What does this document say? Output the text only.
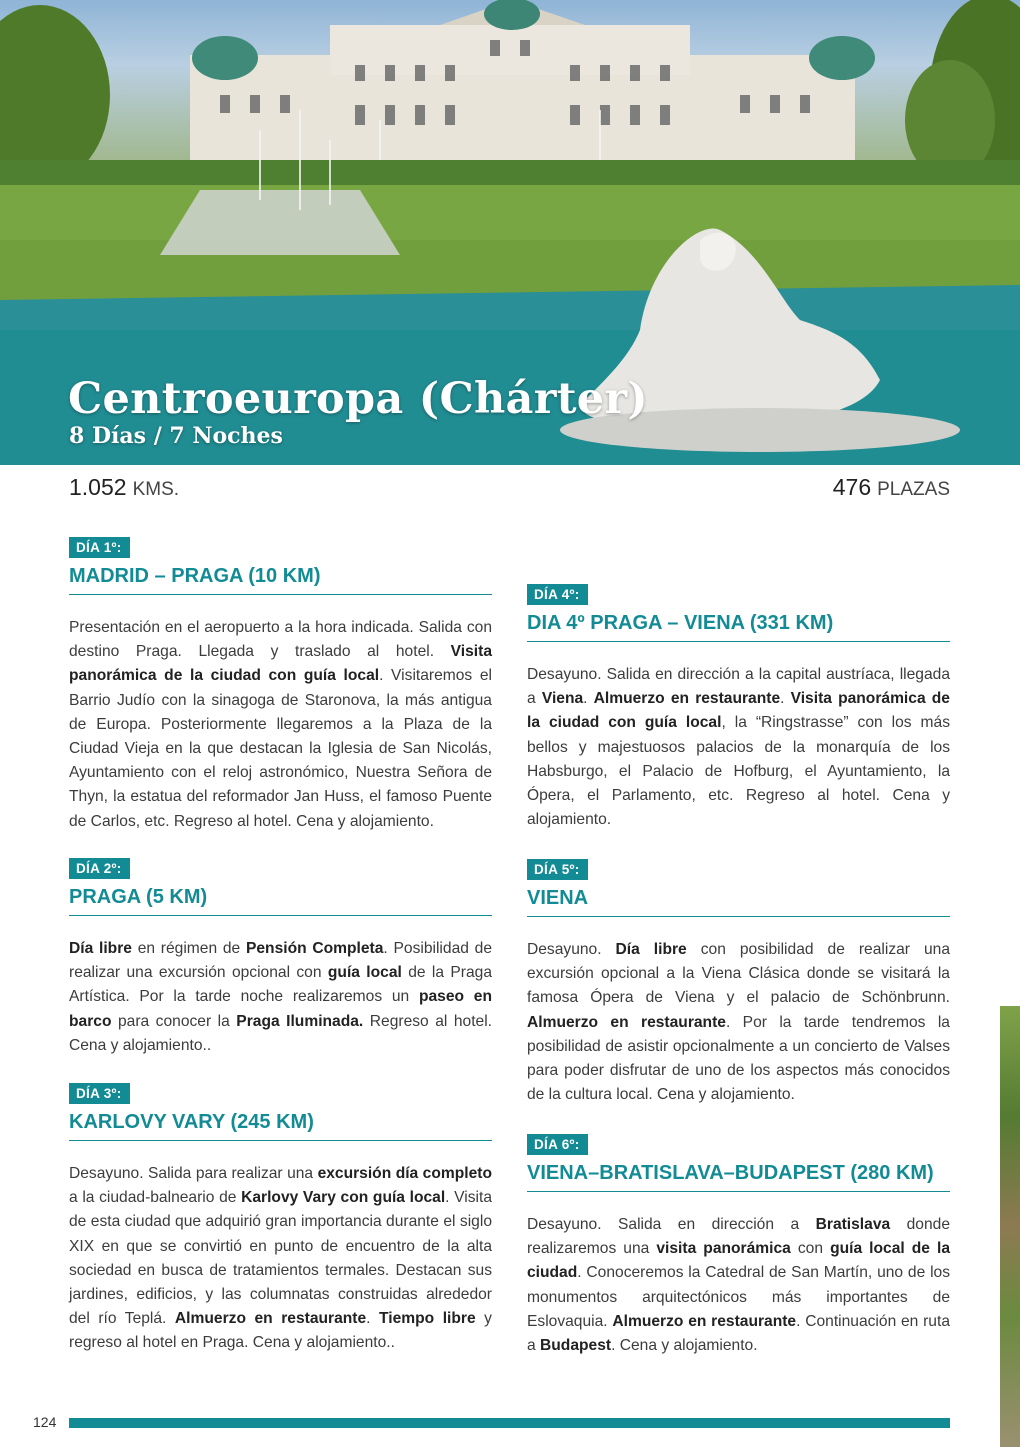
Centroeuropa (Chárter)
8 Días / 7 Noches
1.052 KMS.	476 PLAZAS
DÍA 1º:
MADRID – PRAGA (10 KM)
Presentación en el aeropuerto a la hora indicada. Salida con destino Praga. Llegada y traslado al hotel. Visita panorámica de la ciudad con guía local. Visitaremos el Barrio Judío con la sinagoga de Staronova, la más antigua de Europa. Posteriormente llegaremos a la Plaza de la Ciudad Vieja en la que destacan la Iglesia de San Nicolás, Ayuntamiento con el reloj astronómico, Nuestra Señora de Thyn, la estatua del reformador Jan Huss, el famoso Puente de Carlos, etc. Regreso al hotel. Cena y alojamiento.
DÍA 2º:
PRAGA (5 KM)
Día libre en régimen de Pensión Completa. Posibilidad de realizar una excursión opcional con guía local de la Praga Artística. Por la tarde noche realizaremos un paseo en barco para conocer la Praga Iluminada. Regreso al hotel. Cena y alojamiento..
DÍA 3º:
KARLOVY VARY (245 KM)
Desayuno. Salida para realizar una excursión día completo a la ciudad-balneario de Karlovy Vary con guía local. Visita de esta ciudad que adquirió gran importancia durante el siglo XIX en que se convirtió en punto de encuentro de la alta sociedad en busca de tratamientos termales. Destacan sus jardines, edificios, y las columnatas construidas alrededor del río Teplá. Almuerzo en restaurante. Tiempo libre y regreso al hotel en Praga. Cena y alojamiento..
DÍA 4º:
DIA 4º PRAGA – VIENA (331 KM)
Desayuno. Salida en dirección a la capital austríaca, llegada a Viena. Almuerzo en restaurante. Visita panorámica de la ciudad con guía local, la “Ringstrasse” con los más bellos y majestuosos palacios de la monarquía de los Habsburgo, el Palacio de Hofburg, el Ayuntamiento, la Ópera, el Parlamento, etc. Regreso al hotel. Cena y alojamiento.
DÍA 5º:
VIENA
Desayuno. Día libre con posibilidad de realizar una excursión opcional a la Viena Clásica donde se visitará la famosa Ópera de Viena y el palacio de Schönbrunn. Almuerzo en restaurante. Por la tarde tendremos la posibilidad de asistir opcionalmente a un concierto de Valses para poder disfrutar de uno de los aspectos más conocidos de la cultura local. Cena y alojamiento.
DÍA 6º:
VIENA–BRATISLAVA–BUDAPEST (280 KM)
Desayuno. Salida en dirección a Bratislava donde realizaremos una visita panorámica con guía local de la ciudad. Conoceremos la Catedral de San Martín, uno de los monumentos arquitectónicos más importantes de Eslovaquia. Almuerzo en restaurante. Continuación en ruta a Budapest. Cena y alojamiento.
124
